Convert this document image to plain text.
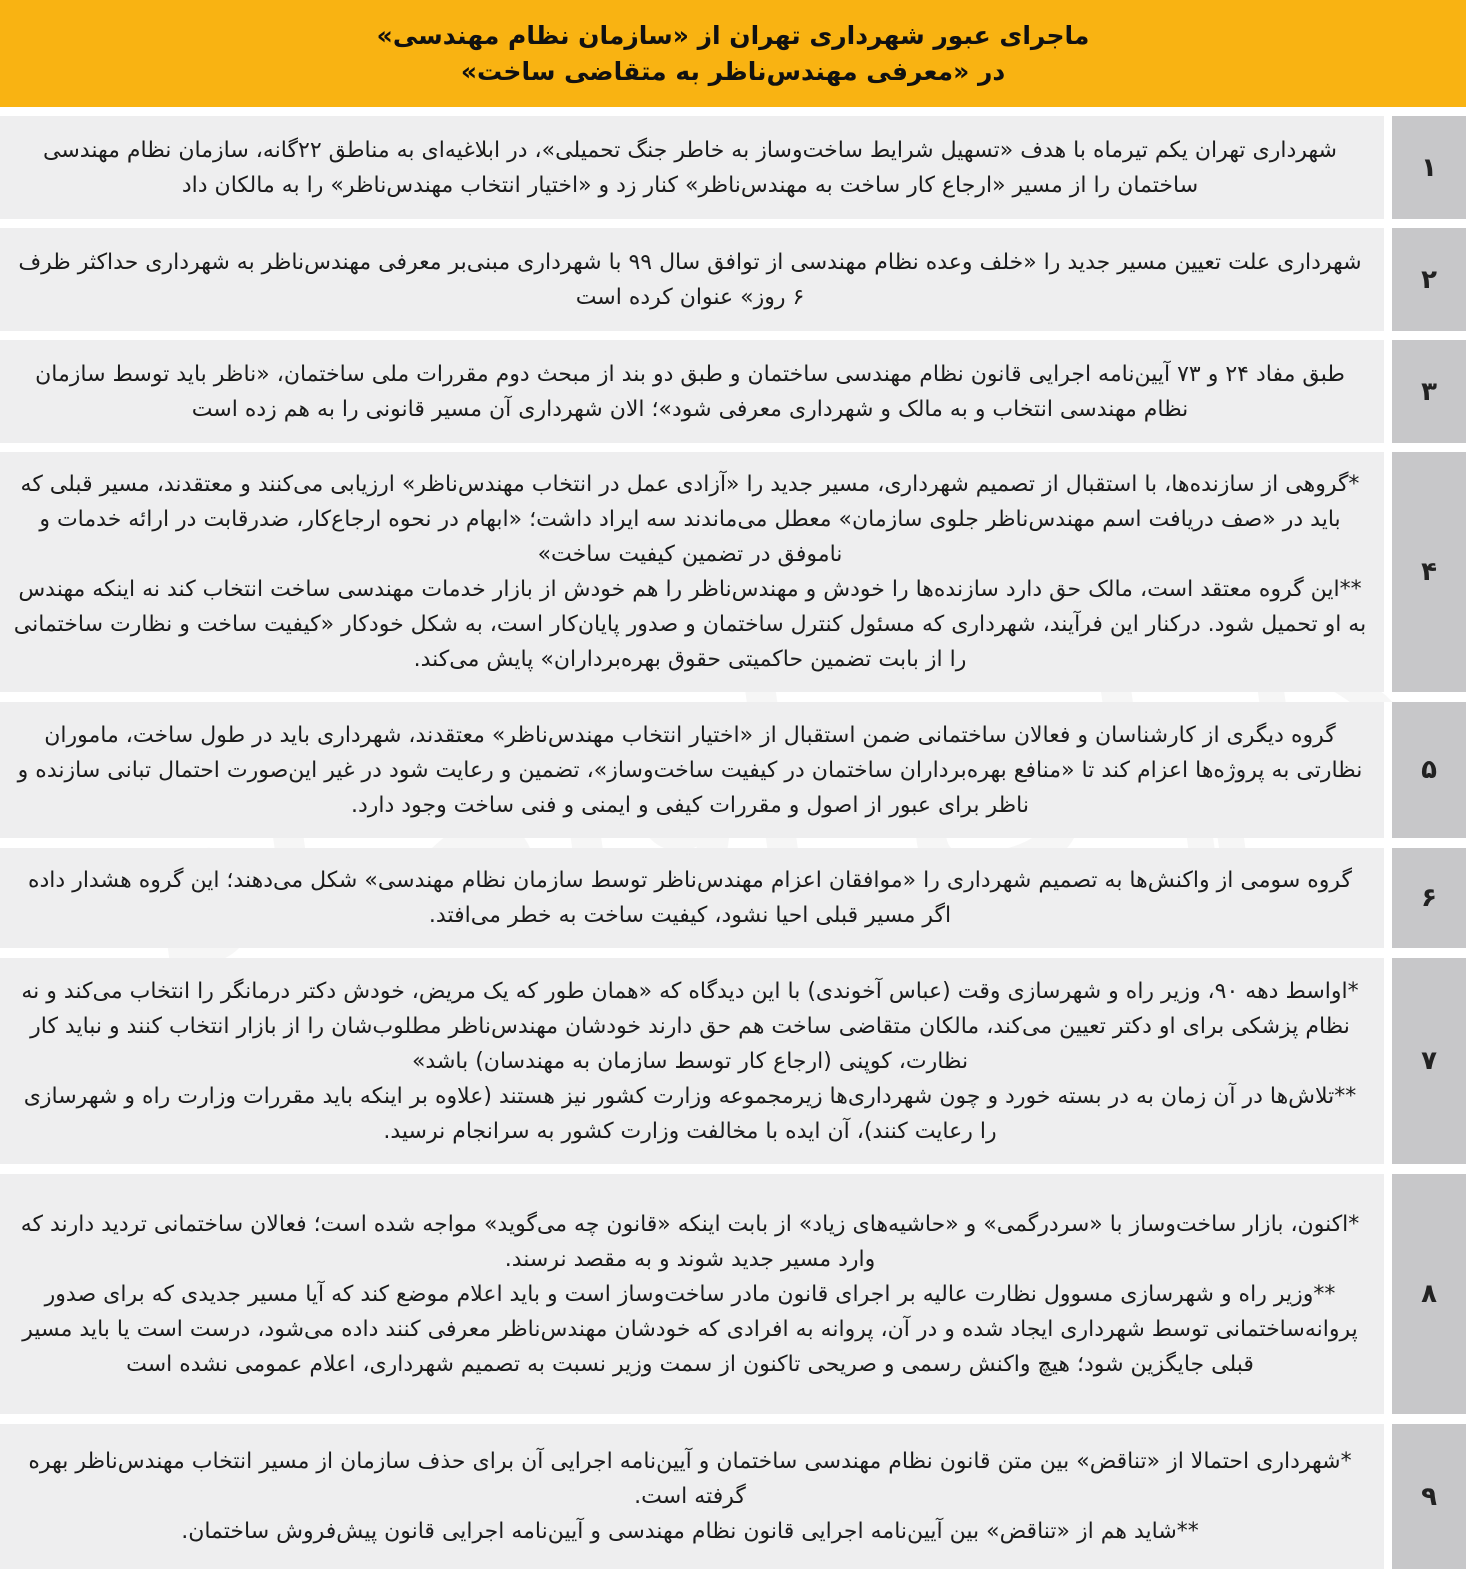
ماجرای عبور شهرداری تهران از «سازمان نظام مهندسی»
در «معرفی مهندس‌ناظر به متقاضی ساخت»
۱

شهرداری تهران یکم تیرماه با هدف «تسهیل شرایط ساخت‌وساز به خاطر جنگ تحمیلی»، در ابلاغیه‌ای به مناطق ۲۲گانه، سازمان نظام مهندسی ساختمان را از مسیر «ارجاع کار ساخت به مهندس‌ناظر» کنار زد و «اختیار انتخاب مهندس‌ناظر» را به مالکان داد

۲

شهرداری علت تعیین مسیر جدید را «خلف وعده نظام مهندسی از توافق سال ۹۹ با شهرداری مبنی‌بر معرفی مهندس‌ناظر به شهرداری حداکثر ظرف ۶ روز» عنوان کرده است

۳

طبق مفاد ۲۴ و ۷۳ آیین‌نامه اجرایی قانون نظام مهندسی ساختمان و طبق دو بند از مبحث دوم مقررات ملی ساختمان، «ناظر باید توسط سازمان نظام مهندسی انتخاب و به مالک و شهرداری معرفی شود»؛ الان شهرداری آن مسیر قانونی را به هم زده است

۴

*گروهی از سازنده‌ها، با استقبال از تصمیم شهرداری، مسیر جدید را «آزادی عمل در انتخاب مهندس‌ناظر» ارزیابی می‌کنند و معتقدند، مسیر قبلی که باید در «صف دریافت اسم مهندس‌ناظر جلوی سازمان» معطل می‌ماندند سه ایراد داشت؛ «ابهام در نحوه ارجاع‌کار، ضدرقابت در ارائه خدمات و ناموفق در تضمین کیفیت ساخت»

**این گروه معتقد است، مالک حق دارد سازنده‌ها را خودش و مهندس‌ناظر را هم خودش از بازار خدمات مهندسی ساخت انتخاب کند نه اینکه مهندس به او تحمیل شود. درکنار این فرآیند، شهرداری که مسئول کنترل ساختمان و صدور پایان‌کار است، به شکل خودکار «کیفیت ساخت و نظارت ساختمانی را از بابت تضمین حاکمیتی حقوق بهره‌برداران» پایش می‌کند.

۵

گروه دیگری از کارشناسان و فعالان ساختمانی ضمن استقبال از «اختیار انتخاب مهندس‌ناظر» معتقدند، شهرداری باید در طول ساخت، ماموران نظارتی به پروژه‌ها اعزام کند تا «منافع بهره‌برداران ساختمان در کیفیت ساخت‌وساز»، تضمین و رعایت شود در غیر این‌صورت احتمال تبانی سازنده و ناظر برای عبور از اصول و مقررات کیفی و ایمنی و فنی ساخت وجود دارد.

۶

گروه سومی از واکنش‌ها به تصمیم شهرداری را «موافقان اعزام مهندس‌ناظر توسط سازمان نظام مهندسی» شکل می‌دهند؛ این گروه هشدار داده اگر مسیر قبلی احیا نشود، کیفیت ساخت به خطر می‌افتد.

۷

*اواسط دهه ۹۰، وزیر راه و شهرسازی وقت (عباس آخوندی) با این دیدگاه که «همان طور که یک مریض، خودش دکتر درمانگر را انتخاب می‌کند و نه نظام پزشکی برای او دکتر تعیین می‌کند، مالکان متقاضی ساخت هم حق دارند خودشان مهندس‌ناظر مطلوب‌شان را از بازار انتخاب کنند و نباید کار نظارت، کوپنی (ارجاع کار توسط سازمان به مهندسان) باشد»

**تلاش‌ها در آن زمان به در بسته خورد و چون شهرداری‌ها زیرمجموعه وزارت کشور نیز هستند (علاوه بر اینکه باید مقررات وزارت راه و شهرسازی را رعایت کنند)، آن ایده با مخالفت وزارت کشور به سرانجام نرسید.

۸

*اکنون، بازار ساخت‌وساز با «سردرگمی» و «حاشیه‌های زیاد» از بابت اینکه «قانون چه می‌گوید» مواجه شده است؛ فعالان ساختمانی تردید دارند که وارد مسیر جدید شوند و به مقصد نرسند.

**وزیر راه و شهرسازی مسوول نظارت عالیه بر اجرای قانون مادر ساخت‌وساز است و باید اعلام موضع کند که آیا مسیر جدیدی که برای صدور پروانه‌ساختمانی توسط شهرداری ایجاد شده و در آن، پروانه به افرادی که خودشان مهندس‌ناظر معرفی کنند داده می‌شود، درست است یا باید مسیر قبلی جایگزین شود؛ هیچ واکنش رسمی و صریحی تاکنون از سمت وزیر نسبت به تصمیم شهرداری، اعلام عمومی نشده است

۹

*شهرداری احتمالا از «تناقض» بین متن قانون نظام مهندسی ساختمان و آیین‌نامه اجرایی آن برای حذف سازمان از مسیر انتخاب مهندس‌ناظر بهره گرفته است.

**شاید هم از «تناقض» بین آیین‌نامه اجرایی قانون نظام مهندسی و آیین‌نامه اجرایی قانون پیش‌فروش ساختمان.
